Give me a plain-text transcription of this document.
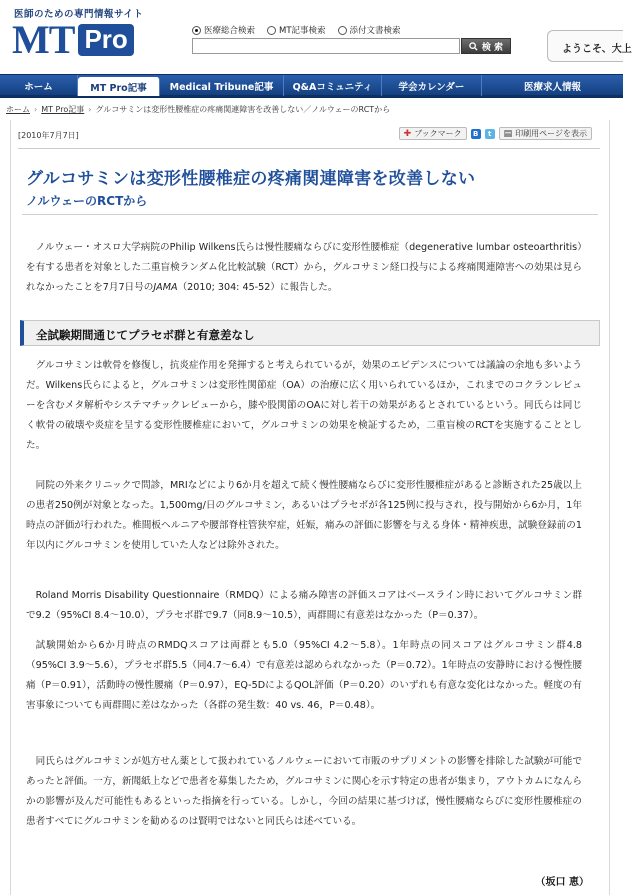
医師のための専門情報サイト
MT Pro	医療総合検索	MT記事検索	添付文書検索
検 索	ようこそ、大上
ホーム	MT Pro記事	Medical Tribune記事	Q&Aコミュニティ	学会カレンダー	医療求人情報
ホーム › MT Pro記事 › グルコサミンは変形性腰椎症の疼痛関連障害を改善しない／ノルウェーのRCTから
[2010年7月7日]	✚ ブックマーク	B	t	▤ 印刷用ページを表示
グルコサミンは変形性腰椎症の疼痛関連障害を改善しない
ノルウェーのRCTから

ノルウェー・オスロ大学病院のPhilip Wilkens氏らは慢性腰痛ならびに変形性腰椎症（degenerative lumbar osteoarthritis）を有する患者を対象とした二重盲検ランダム化比較試験（RCT）から，グルコサミン経口投与による疼痛関連障害への効果は見られなかったことを7月7日号のJAMA（2010; 304: 45-52）に報告した。

全試験期間通じてプラセボ群と有意差なし

グルコサミンは軟骨を修復し，抗炎症作用を発揮すると考えられているが，効果のエビデンスについては議論の余地も多いようだ。Wilkens氏らによると，グルコサミンは変形性関節症（OA）の治療に広く用いられているほか，これまでのコクランレビューを含むメタ解析やシステマチックレビューから，膝や股関節のOAに対し若干の効果があるとされているという。同氏らは同じく軟骨の破壊や炎症を呈する変形性腰椎症において，グルコサミンの効果を検証するため，二重盲検のRCTを実施することとした。

同院の外来クリニックで問診，MRIなどにより6か月を超えて続く慢性腰痛ならびに変形性腰椎症があると診断された25歳以上の患者250例が対象となった。1,500mg/日のグルコサミン，あるいはプラセボが各125例に投与され，投与開始から6か月，1年時点の評価が行われた。椎間板ヘルニアや腰部脊柱管狭窄症，妊娠，痛みの評価に影響を与える身体・精神疾患，試験登録前の1年以内にグルコサミンを使用していた人などは除外された。

Roland Morris Disability Questionnaire（RMDQ）による痛み障害の評価スコアはベースライン時においてグルコサミン群で9.2（95%CI 8.4～10.0），プラセボ群で9.7（同8.9～10.5），両群間に有意差はなかった（P＝0.37）。

試験開始から6か月時点のRMDQスコアは両群とも5.0（95%CI 4.2～5.8）。1年時点の同スコアはグルコサミン群4.8（95%CI 3.9～5.6），プラセボ群5.5（同4.7～6.4）で有意差は認められなかった（P＝0.72）。1年時点の安静時における慢性腰痛（P＝0.91），活動時の慢性腰痛（P＝0.97），EQ-5DによるQOL評価（P＝0.20）のいずれも有意な変化はなかった。軽度の有害事象についても両群間に差はなかった（各群の発生数：40 vs. 46，P＝0.48）。

同氏らはグルコサミンが処方せん薬として扱われているノルウェーにおいて市販のサプリメントの影響を排除した試験が可能であったと評価。一方，新聞紙上などで患者を募集したため，グルコサミンに関心を示す特定の患者が集まり，アウトカムになんらかの影響が及んだ可能性もあるといった指摘を行っている。しかし，今回の結果に基づけば，慢性腰痛ならびに変形性腰椎症の患者すべてにグルコサミンを勧めるのは賢明ではないと同氏らは述べている。

（坂口 恵）
